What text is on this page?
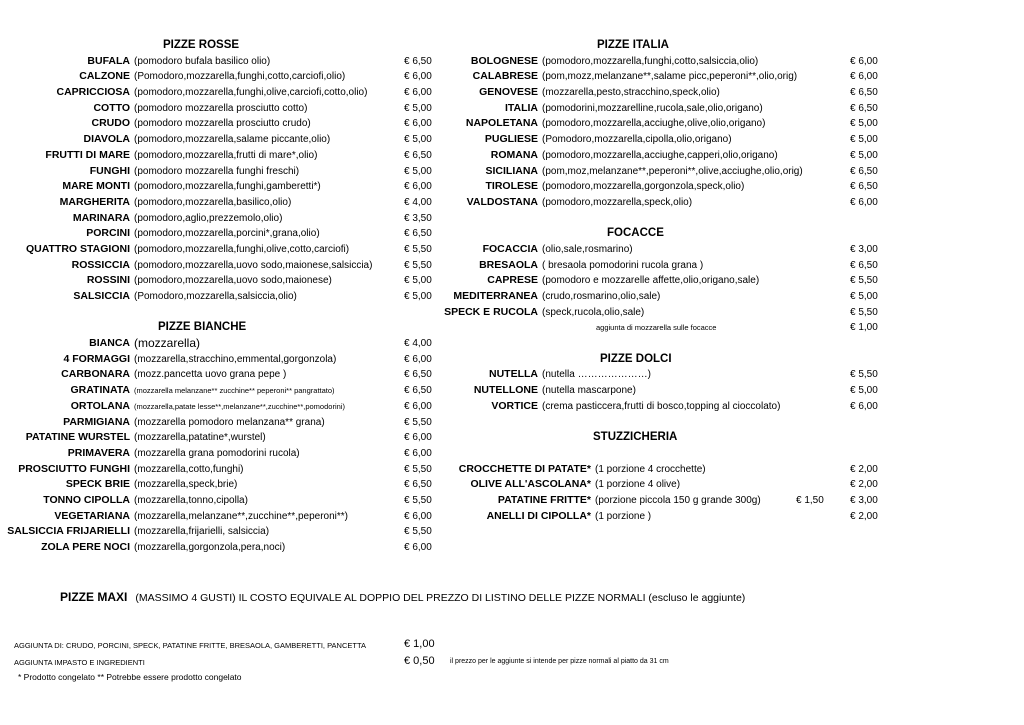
PIZZE ROSSE
BUFALA (pomodoro bufala basilico olio)	€ 6,50
CALZONE (Pomodoro,mozzarella,funghi,cotto,carciofi,olio)	€ 6,00
CAPRICCIOSA (pomodoro,mozzarella,funghi,olive,carciofi,cotto,olio)	€ 6,00
COTTO (pomodoro mozzarella prosciutto cotto)	€ 5,00
CRUDO (pomodoro mozzarella prosciutto crudo)	€ 6,00
DIAVOLA (pomodoro,mozzarella,salame piccante,olio)	€ 5,00
FRUTTI DI MARE (pomodoro,mozzarella,frutti di mare*,olio)	€ 6,50
FUNGHI (pomodoro mozzarella funghi freschi)	€ 5,00
MARE MONTI (pomodoro,mozzarella,funghi,gamberetti*)	€ 6,00
MARGHERITA (pomodoro,mozzarella,basilico,olio)	€ 4,00
MARINARA (pomodoro,aglio,prezzemolo,olio)	€ 3,50
PORCINI (pomodoro,mozzarella,porcini*,grana,olio)	€ 6,50
QUATTRO STAGIONI (pomodoro,mozzarella,funghi,olive,cotto,carciofi)	€ 5,50
ROSSICCIA (pomodoro,mozzarella,uovo sodo,maionese,salsiccia)	€ 5,50
ROSSINI (pomodoro,mozzarella,uovo sodo,maionese)	€ 5,00
SALSICCIA (Pomodoro,mozzarella,salsiccia,olio)	€ 5,00
PIZZE BIANCHE
BIANCA (mozzarella)	€ 4,00
4 FORMAGGI (mozzarella,stracchino,emmental,gorgonzola)	€ 6,00
CARBONARA (mozz.pancetta uovo grana pepe )	€ 6,50
GRATINATA (mozzarella melanzane** zucchine** peperoni** pangrattato)	€ 6,50
ORTOLANA (mozzarella,patate lesse**,melanzane**,zucchine**,pomodorini)	€ 6,00
PARMIGIANA (mozzarella pomodoro melanzana** grana)	€ 5,50
PATATINE WURSTEL (mozzarella,patatine*,wurstel)	€ 6,00
PRIMAVERA (mozzarella grana pomodorini rucola)	€ 6,00
PROSCIUTTO FUNGHI (mozzarella,cotto,funghi)	€ 5,50
SPECK BRIE (mozzarella,speck,brie)	€ 6,50
TONNO CIPOLLA (mozzarella,tonno,cipolla)	€ 5,50
VEGETARIANA (mozzarella,melanzane**,zucchine**,peperoni**)	€ 6,00
SALSICCIA FRIJARIELLI (mozzarella,frijarielli, salsiccia)	€ 5,50
ZOLA PERE NOCI (mozzarella,gorgonzola,pera,noci)	€ 6,00
PIZZE ITALIA
BOLOGNESE (pomodoro,mozzarella,funghi,cotto,salsiccia,olio)	€ 6,00
CALABRESE (pom,mozz,melanzane**,salame picc,peperoni**,olio,orig)	€ 6,00
GENOVESE (mozzarella,pesto,stracchino,speck,olio)	€ 6,50
ITALIA (pomodorini,mozzarelline,rucola,sale,olio,origano)	€ 6,50
NAPOLETANA (pomodoro,mozzarella,acciughe,olive,olio,origano)	€ 5,00
PUGLIESE (Pomodoro,mozzarella,cipolla,olio,origano)	€ 5,00
ROMANA (pomodoro,mozzarella,acciughe,capperi,olio,origano)	€ 5,00
SICILIANA (pom,moz,melanzane**,peperoni**,olive,acciughe,olio,orig)	€ 6,50
TIROLESE (pomodoro,mozzarella,gorgonzola,speck,olio)	€ 6,50
VALDOSTANA (pomodoro,mozzarella,speck,olio)	€ 6,00
FOCACCE
FOCACCIA (olio,sale,rosmarino)	€ 3,00
BRESAOLA ( bresaola pomodorini rucola grana )	€ 6,50
CAPRESE (pomodoro e mozzarelle affette,olio,origano,sale)	€ 5,50
MEDITERRANEA (crudo,rosmarino,olio,sale)	€ 5,00
SPECK E RUCOLA (speck,rucola,olio,sale)	€ 5,50
aggiunta di mozzarella sulle focacce	€ 1,00
PIZZE DOLCI
NUTELLA (nutella …………………)	€ 5,50
NUTELLONE (nutella mascarpone)	€ 5,00
VORTICE (crema pasticcera,frutti di bosco,topping al cioccolato)	€ 6,00
STUZZICHERIA
CROCCHETTE DI PATATE* (1 porzione 4 crocchette)	€ 2,00
OLIVE ALL'ASCOLANA* (1 porzione 4 olive)	€ 2,00
PATATINE FRITTE* (porzione piccola 150 g grande 300g)	€ 1,50	€ 3,00
ANELLI DI CIPOLLA* (1 porzione )	€ 2,00
PIZZE MAXI (MASSIMO 4 GUSTI) IL COSTO EQUIVALE AL DOPPIO DEL PREZZO DI LISTINO DELLE PIZZE NORMALI (escluso le aggiunte)
AGGIUNTA DI: CRUDO, PORCINI, SPECK, PATATINE FRITTE, BRESAOLA, GAMBERETTI, PANCETTA	€ 1,00
AGGIUNTA IMPASTO E INGREDIENTI	€ 0,50 il prezzo per le aggiunte si intende per pizze normali al piatto da 31 cm
* Prodotto congelato ** Potrebbe essere prodotto congelato
